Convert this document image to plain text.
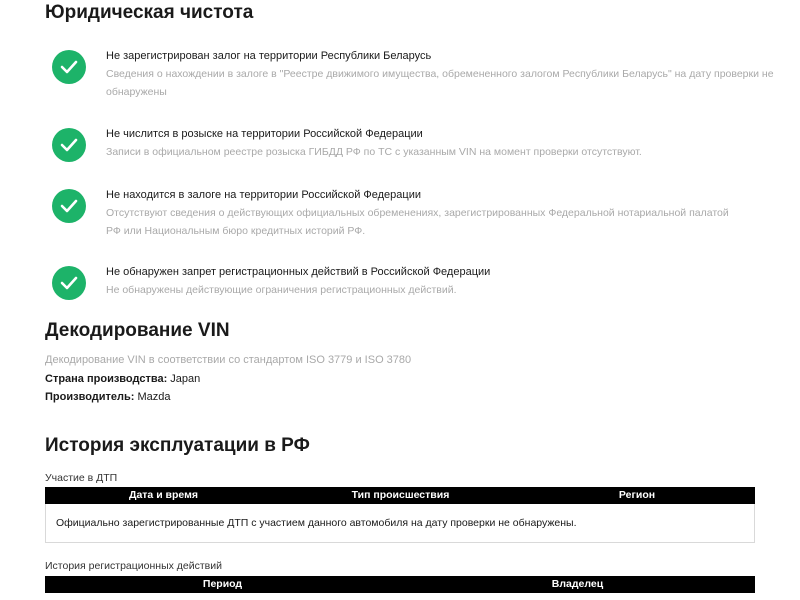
Юридическая чистота
Не зарегистрирован залог на территории Республики Беларусь
Сведения о нахождении в залоге в "Реестре движимого имущества, обремененного залогом Республики Беларусь" на дату проверки не обнаружены
Не числится в розыске на территории Российской Федерации
Записи в официальном реестре розыска ГИБДД РФ по ТС с указанным VIN на момент проверки отсутствуют.
Не находится в залоге на территории Российской Федерации
Отсутствуют сведения о действующих официальных обременениях, зарегистрированных Федеральной нотариальной палатой РФ или Национальным бюро кредитных историй РФ.
Не обнаружен запрет регистрационных действий в Российской Федерации
Не обнаружены действующие ограничения регистрационных действий.
Декодирование VIN
Декодирование VIN в соответствии со стандартом ISO 3779 и ISO 3780
Страна производства: Japan
Производитель: Mazda
История эксплуатации в РФ
Участие в ДТП
Дата и время	Тип происшествия	Регион
Официально зарегистрированные ДТП с участием данного автомобиля на дату проверки не обнаружены.
История регистрационных действий
Период	Владелец
